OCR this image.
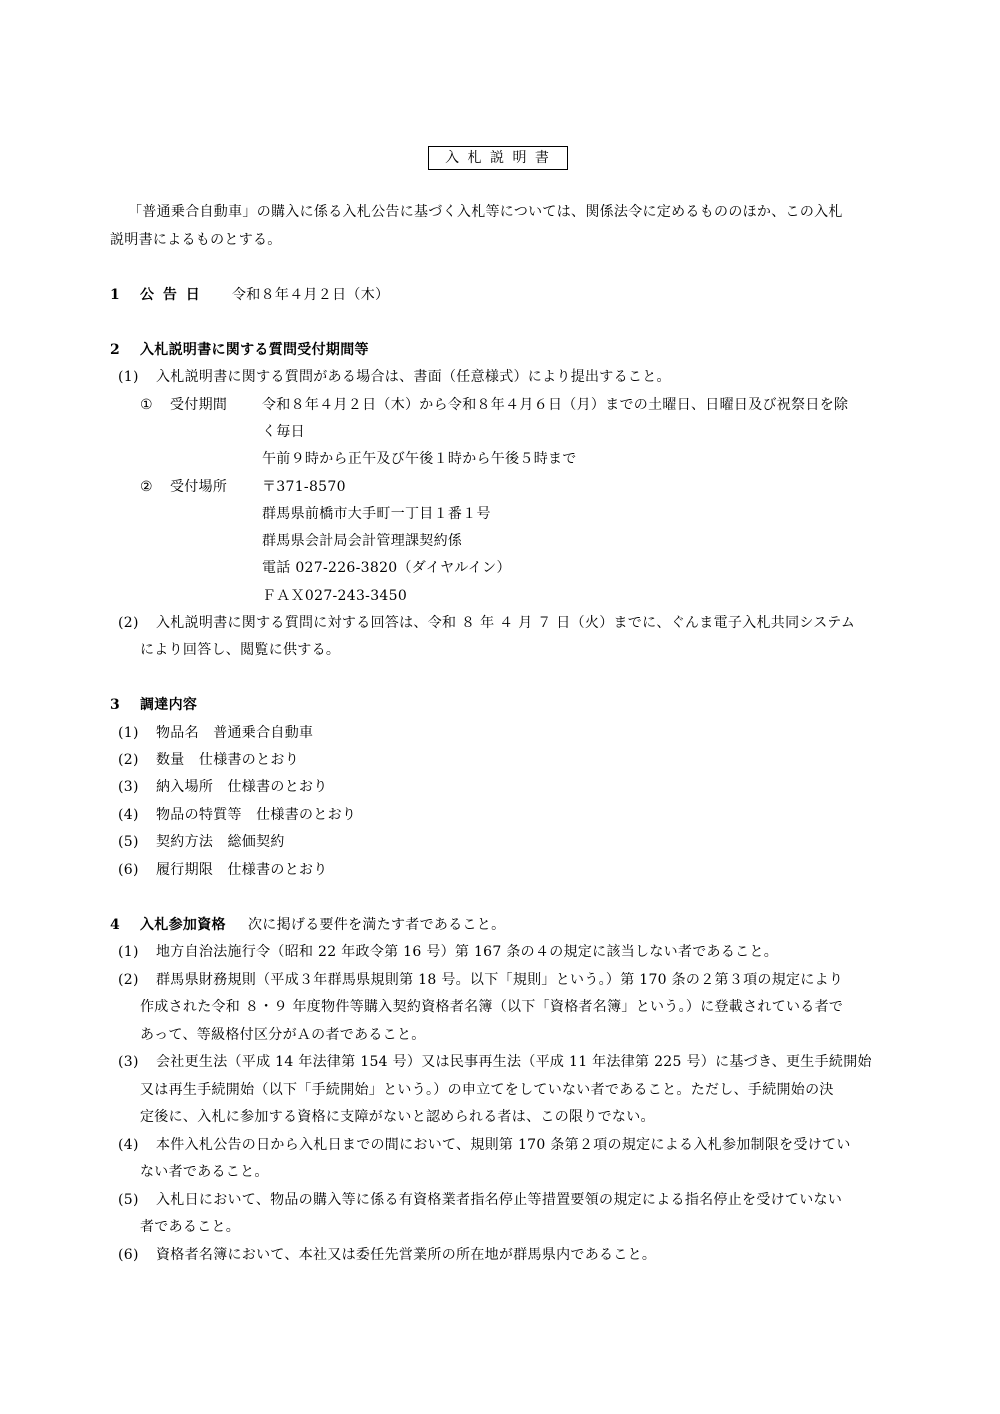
入 札 説 明 書
「普通乗合自動車」の購入に係る入札公告に基づく入札等については、関係法令に定めるもののほか、この入札
説明書によるものとする。
1 公 告 日 令和８年４月２日（木）
2 入札説明書に関する質問受付期間等
(1) 入札説明書に関する質問がある場合は、書面（任意様式）により提出すること。
① 受付期間 令和８年４月２日（木）から令和８年４月６日（月）までの土曜日、日曜日及び祝祭日を除
く毎日
午前９時から正午及び午後１時から午後５時まで
② 受付場所 〒371-8570
群馬県前橋市大手町一丁目１番１号
群馬県会計局会計管理課契約係
電話 027-226-3820（ダイヤルイン）
ＦＡＸ027-243-3450
(2) 入札説明書に関する質問に対する回答は、令和 ８ 年 ４ 月 ７ 日（火）までに、ぐんま電子入札共同システム
により回答し、閲覧に供する。
3 調達内容
(1) 物品名　普通乗合自動車
(2) 数量　仕様書のとおり
(3) 納入場所　仕様書のとおり
(4) 物品の特質等　仕様書のとおり
(5) 契約方法　総価契約
(6) 履行期限　仕様書のとおり
4 入札参加資格 次に掲げる要件を満たす者であること。
(1) 地方自治法施行令（昭和 22 年政令第 16 号）第 167 条の４の規定に該当しない者であること。
(2) 群馬県財務規則（平成３年群馬県規則第 18 号。以下「規則」という。）第 170 条の２第３項の規定により
作成された令和 ８・９ 年度物件等購入契約資格者名簿（以下「資格者名簿」という。）に登載されている者で
あって、等級格付区分がＡの者であること。
(3) 会社更生法（平成 14 年法律第 154 号）又は民事再生法（平成 11 年法律第 225 号）に基づき、更生手続開始
又は再生手続開始（以下「手続開始」という。）の申立てをしていない者であること。ただし、手続開始の決
定後に、入札に参加する資格に支障がないと認められる者は、この限りでない。
(4) 本件入札公告の日から入札日までの間において、規則第 170 条第２項の規定による入札参加制限を受けてい
ない者であること。
(5) 入札日において、物品の購入等に係る有資格業者指名停止等措置要領の規定による指名停止を受けていない
者であること。
(6) 資格者名簿において、本社又は委任先営業所の所在地が群馬県内であること。
